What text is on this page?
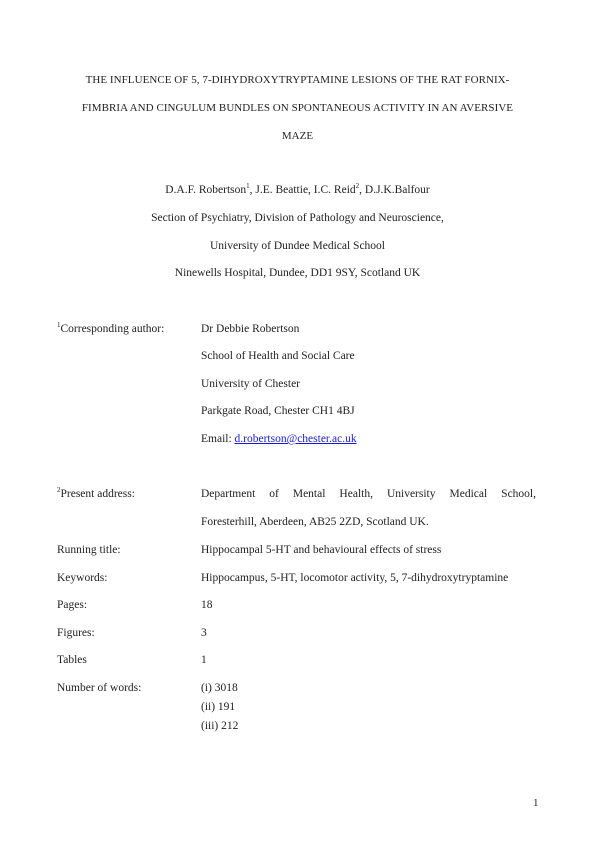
THE INFLUENCE OF 5, 7-DIHYDROXYTRYPTAMINE LESIONS OF THE RAT FORNIX-
FIMBRIA AND CINGULUM BUNDLES ON SPONTANEOUS ACTIVITY IN AN AVERSIVE
MAZE
D.A.F. Robertson$^1$, J.E. Beattie, I.C. Reid$^2$, D.J.K.Balfour
Section of Psychiatry, Division of Pathology and Neuroscience,
University of Dundee Medical School
Ninewells Hospital, Dundee, DD1 9SY, Scotland UK
$^1$Corresponding author:	Dr Debbie Robertson
School of Health and Social Care
University of Chester
Parkgate Road, Chester CH1 4BJ
Email: d.robertson@chester.ac.uk
$^2$Present address:	Department of Mental Health, University Medical School,
Foresterhill, Aberdeen, AB25 2ZD, Scotland UK.
Running title:	Hippocampal 5-HT and behavioural effects of stress
Keywords:	Hippocampus, 5-HT, locomotor activity, 5, 7-dihydroxytryptamine
Pages:	18
Figures:	3
Tables	1
Number of words:	(i) 3018
(ii) 191
(iii) 212
1
